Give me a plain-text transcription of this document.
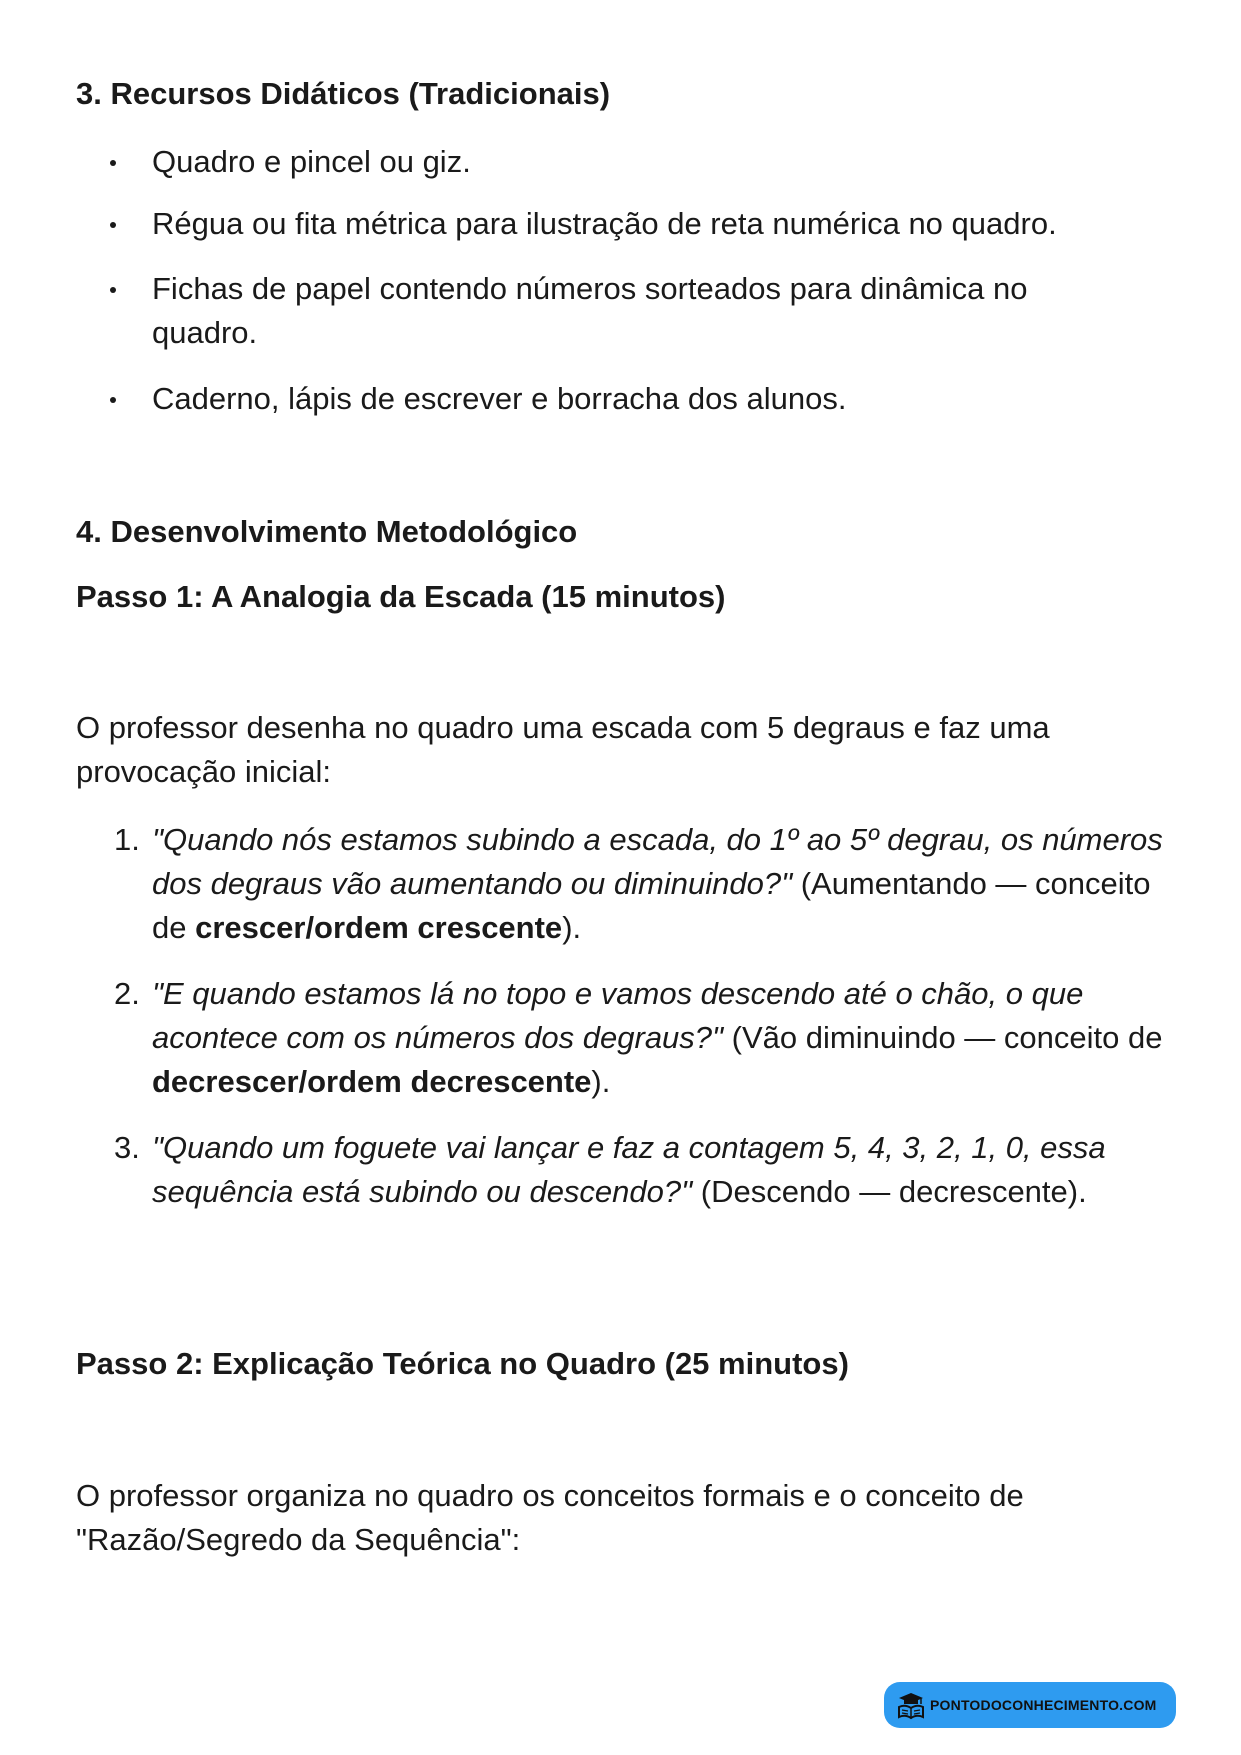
3. Recursos Didáticos (Tradicionais)
Quadro e pincel ou giz.
Régua ou fita métrica para ilustração de reta numérica no quadro.
Fichas de papel contendo números sorteados para dinâmica no quadro.
Caderno, lápis de escrever e borracha dos alunos.
4. Desenvolvimento Metodológico
Passo 1: A Analogia da Escada (15 minutos)

O professor desenha no quadro uma escada com 5 degraus e faz uma provocação inicial:

1. "Quando nós estamos subindo a escada, do 1º ao 5º degrau, os números dos degraus vão aumentando ou diminuindo?" (Aumentando — conceito de crescer/ordem crescente).
2. "E quando estamos lá no topo e vamos descendo até o chão, o que acontece com os números dos degraus?" (Vão diminuindo — conceito de decrescer/ordem decrescente).
3. "Quando um foguete vai lançar e faz a contagem 5, 4, 3, 2, 1, 0, essa sequência está subindo ou descendo?" (Descendo — decrescente).
Passo 2: Explicação Teórica no Quadro (25 minutos)

O professor organiza no quadro os conceitos formais e o conceito de "Razão/Segredo da Sequência":

PONTODOCONHECIMENTO.COM
